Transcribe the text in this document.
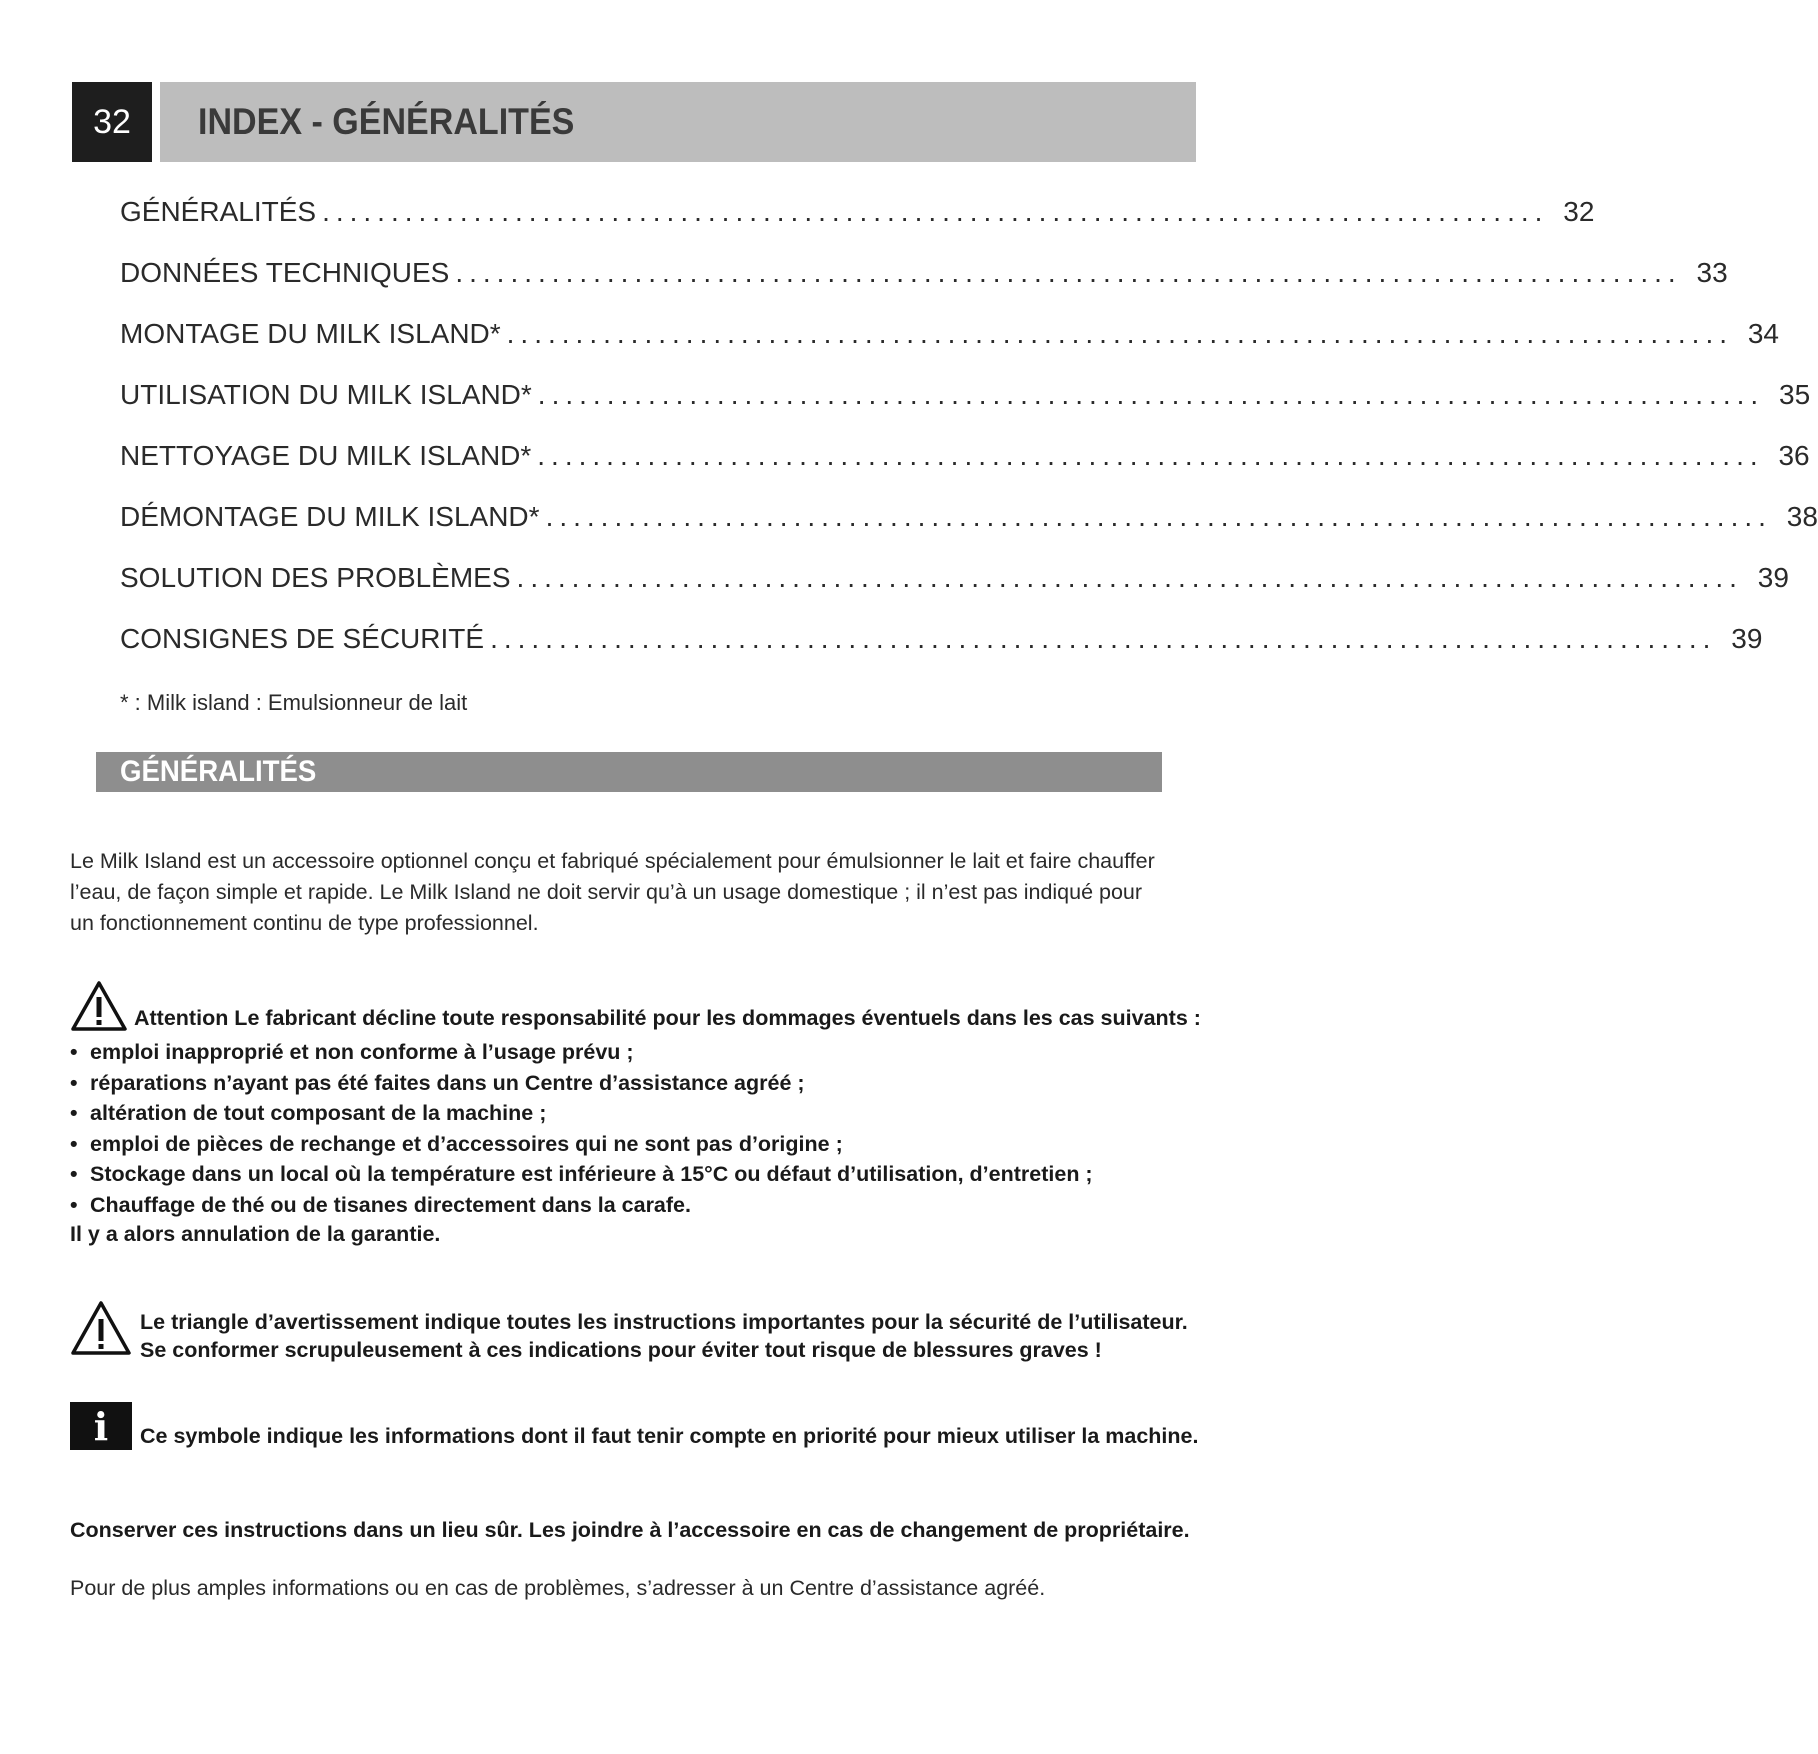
32	INDEX - GÉNÉRALITÉS
GÉNÉRALITÉS ......................................................................................... 32
DONNÉES TECHNIQUES ......................................................................................... 33
MONTAGE DU MILK ISLAND* ......................................................................................... 34
UTILISATION DU MILK ISLAND* ......................................................................................... 35
NETTOYAGE DU MILK ISLAND* ......................................................................................... 36
DÉMONTAGE DU MILK ISLAND* ......................................................................................... 38
SOLUTION DES PROBLÈMES ......................................................................................... 39
CONSIGNES DE SÉCURITÉ ......................................................................................... 39
* : Milk island : Emulsionneur de lait
GÉNÉRALITÉS

Le Milk Island est un accessoire optionnel conçu et fabriqué spécialement pour émulsionner le lait et faire chauffer l’eau, de façon simple et rapide. Le Milk Island ne doit servir qu’à un usage domestique ; il n’est pas indiqué pour un fonctionnement continu de type professionnel.

Attention Le fabricant décline toute responsabilité pour les dommages éventuels dans les cas suivants :
• emploi inapproprié et non conforme à l’usage prévu ;
• réparations n’ayant pas été faites dans un Centre d’assistance agréé ;
• altération de tout composant de la machine ;
• emploi de pièces de rechange et d’accessoires qui ne sont pas d’origine ;
• Stockage dans un local où la température est inférieure à 15°C ou défaut d’utilisation, d’entretien ;
• Chauffage de thé ou de tisanes directement dans la carafe.
Il y a alors annulation de la garantie.
Le triangle d’avertissement indique toutes les instructions importantes pour la sécurité de l’utilisateur.
Se conformer scrupuleusement à ces indications pour éviter tout risque de blessures graves !
i	Ce symbole indique les informations dont il faut tenir compte en priorité pour mieux utiliser la machine.
Conserver ces instructions dans un lieu sûr. Les joindre à l’accessoire en cas de changement de propriétaire.
Pour de plus amples informations ou en cas de problèmes, s’adresser à un Centre d’assistance agréé.
